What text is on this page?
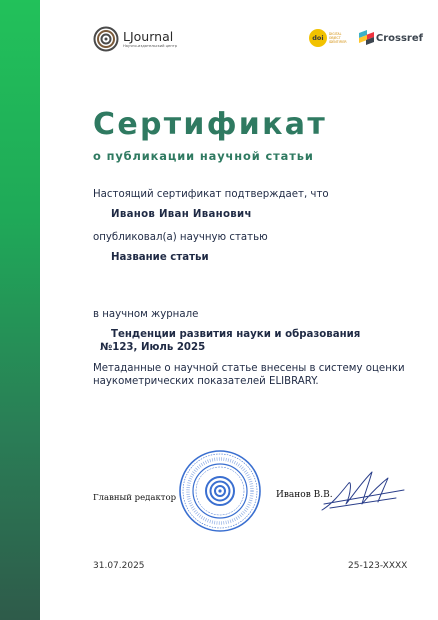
LJournal
Научно-издательский центр
doi	DIGITAL OBJECT IDENTIFIER	Crossref
Сертификат
о публикации научной статьи
Настоящий сертификат подтверждает, что
Иванов Иван Иванович
опубликовал(а) научную статью
Название статьи
в научном журнале
Тенденции развития науки и образования
№123, Июль 2025
Метаданные о научной статье внесены в систему оценки наукометрических показателей ELIBRARY.
Главный редактор	Иванов В.В.
31.07.2025	25-123-XXXX
